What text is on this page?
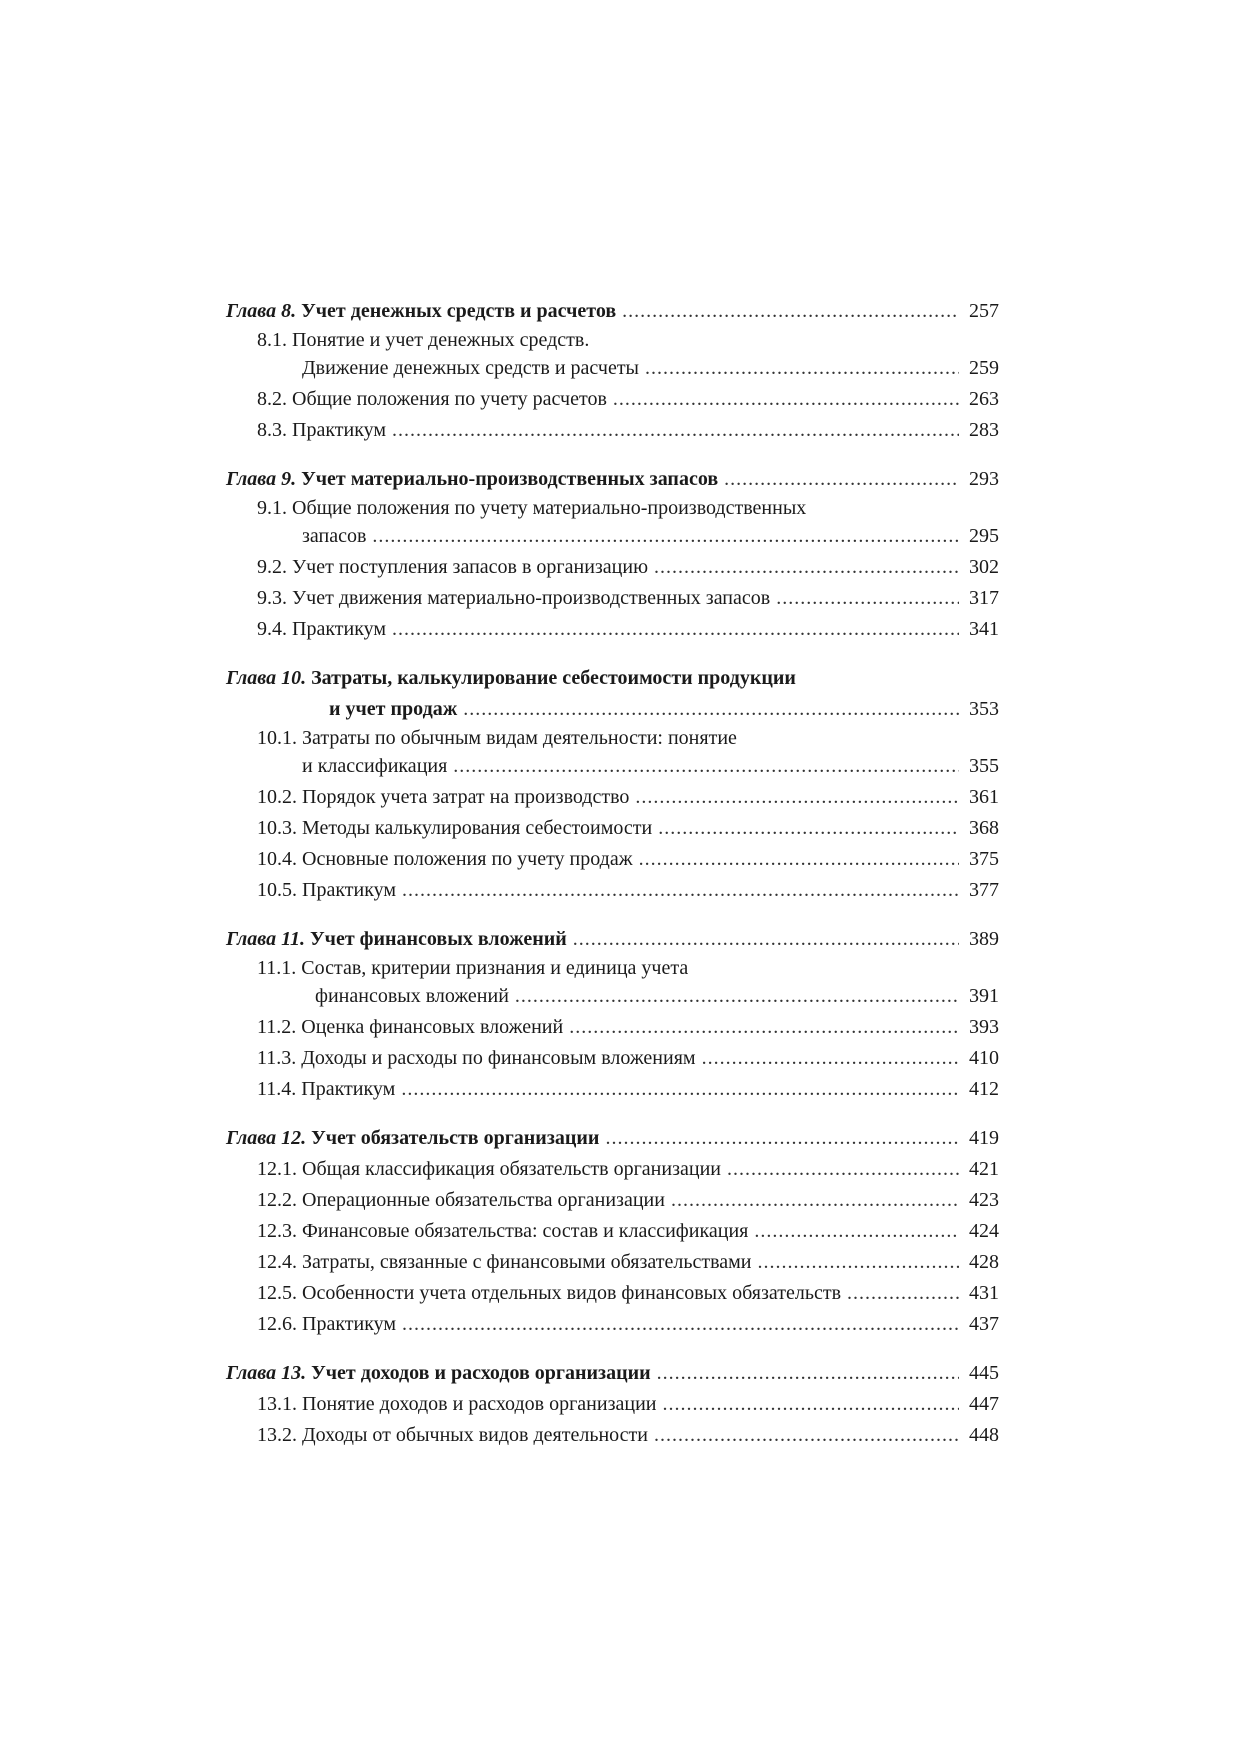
Глава 8. Учет денежных средств и расчетов .....	257
8.1. Понятие и учет денежных средств.
Движение денежных средств и расчеты .....	259
8.2. Общие положения по учету расчетов .....	263
8.3. Практикум .....	283
Глава 9. Учет материально-производственных запасов .....	293
9.1. Общие положения по учету материально-производственных
запасов .....	295
9.2. Учет поступления запасов в организацию .....	302
9.3. Учет движения материально-производственных запасов .....	317
9.4. Практикум .....	341
Глава 10. Затраты, калькулирование себестоимости продукции
и учет продаж .....	353
10.1. Затраты по обычным видам деятельности: понятие
и классификация .....	355
10.2. Порядок учета затрат на производство .....	361
10.3. Методы калькулирования себестоимости .....	368
10.4. Основные положения по учету продаж .....	375
10.5. Практикум .....	377
Глава 11. Учет финансовых вложений .....	389
11.1. Состав, критерии признания и единица учета
финансовых вложений .....	391
11.2. Оценка финансовых вложений .....	393
11.3. Доходы и расходы по финансовым вложениям .....	410
11.4. Практикум .....	412
Глава 12. Учет обязательств организации .....	419
12.1. Общая классификация обязательств организации .....	421
12.2. Операционные обязательства организации .....	423
12.3. Финансовые обязательства: состав и классификация .....	424
12.4. Затраты, связанные с финансовыми обязательствами .....	428
12.5. Особенности учета отдельных видов финансовых обязательств .....	431
12.6. Практикум .....	437
Глава 13. Учет доходов и расходов организации .....	445
13.1. Понятие доходов и расходов организации .....	447
13.2. Доходы от обычных видов деятельности .....	448
